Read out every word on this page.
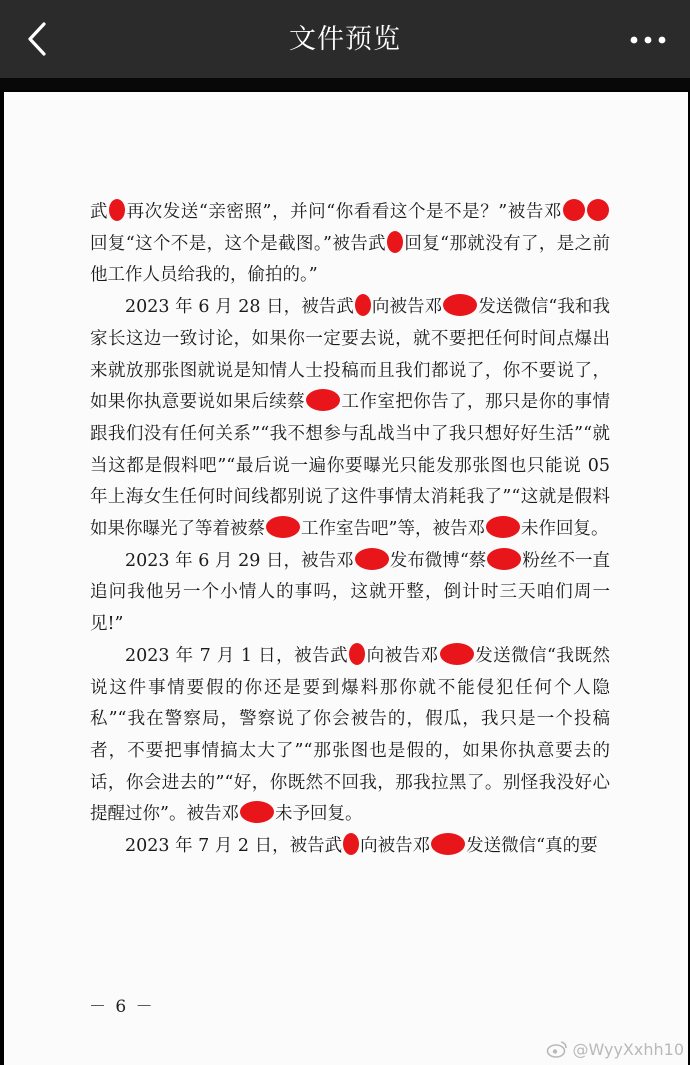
文件预览

武 再次发送“亲密照”，并问“你看看这个是不是？”被告邓回复“这个不是，这个是截图。”被告武 回复“那就没有了，是之前他工作人员给我的，偷拍的。”

2023 年 6 月 28 日，被告武 向被告邓 发送微信“我和我家长这边一致讨论，如果你一定要去说，就不要把任何时间点爆出来就放那张图就说是知情人士投稿而且我们都说了，你不要说了，如果你执意要说如果后续蔡 工作室把你告了，那只是你的事情跟我们没有任何关系”“我不想参与乱战当中了我只想好好生活”“就当这都是假料吧”“最后说一遍你要曝光只能发那张图也只能说 05 年上海女生任何时间线都别说了这件事情太消耗我了”“这就是假料如果你曝光了等着被蔡 工作室告吧”等，被告邓 未作回复。

2023 年 6 月 29 日，被告邓 发布微博“蔡 粉丝不一直追问我他另一个小情人的事吗，这就开整，倒计时三天咱们周一见!”

2023 年 7 月 1 日，被告武 向被告邓 发送微信“我既然说这件事情要假的你还是要到爆料那你就不能侵犯任何个人隐私”“我在警察局，警察说了你会被告的，假瓜，我只是一个投稿者，不要把事情搞太大了”“那张图也是假的，如果你执意要去的话，你会进去的”“好，你既然不回我，那我拉黑了。别怪我没好心提醒过你”。被告邓 未予回复。

2023 年 7 月 2 日，被告武 向被告邓 发送微信“真的要

－ 6 －
@WyyXxhh10
